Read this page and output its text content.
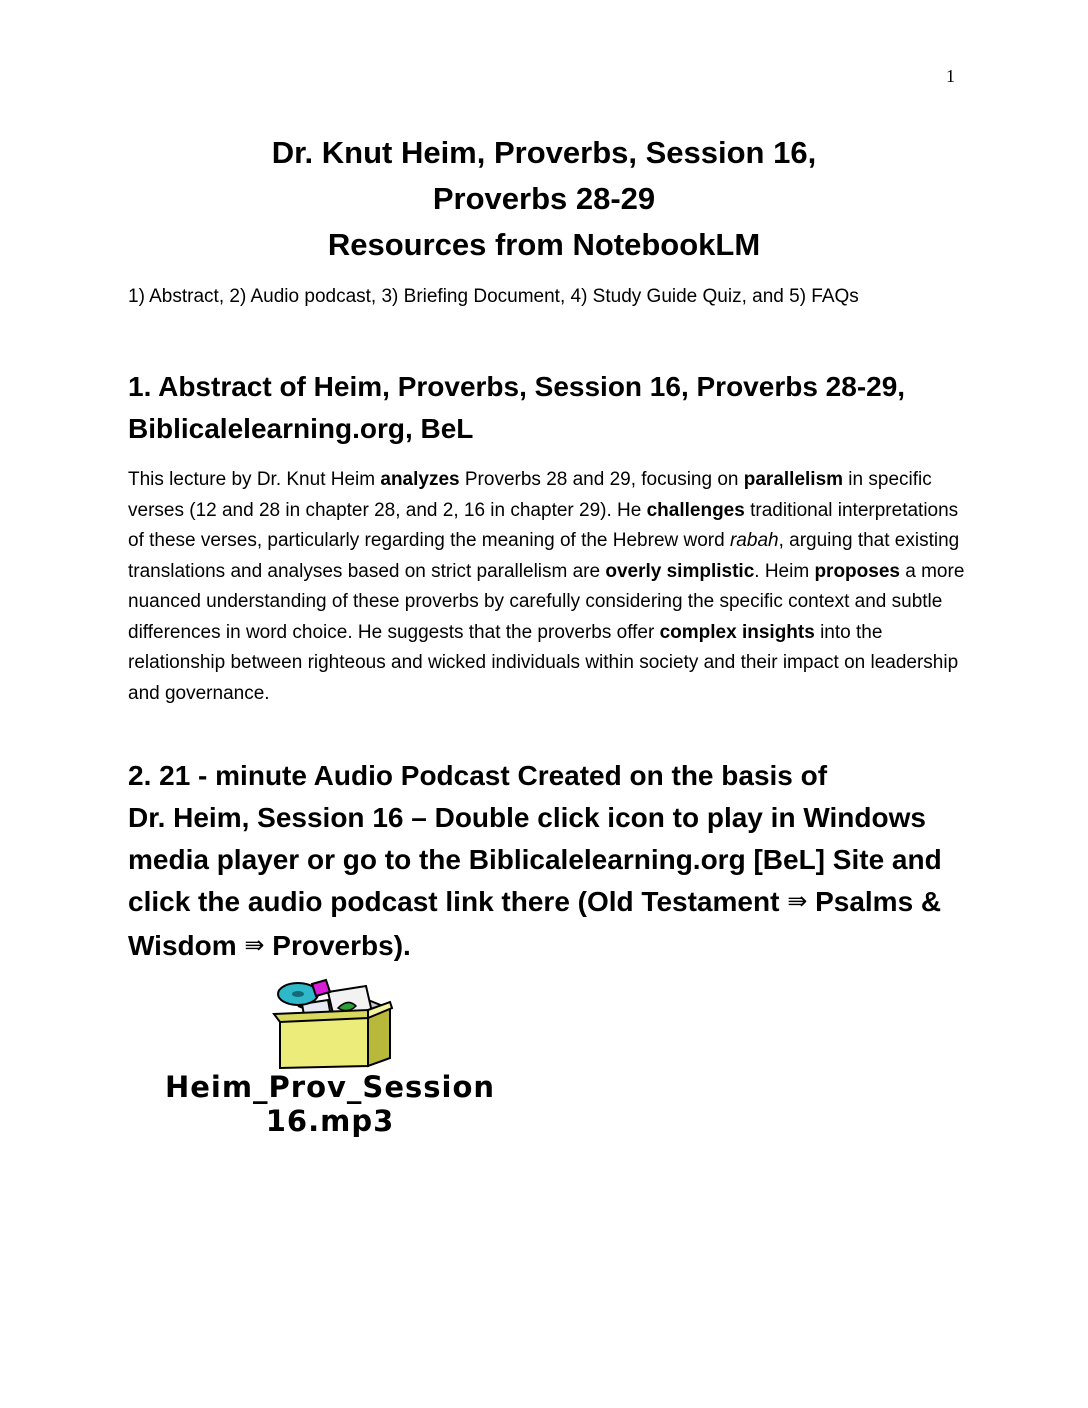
1
Dr. Knut Heim, Proverbs, Session 16,
Proverbs 28-29
Resources from NotebookLM
1) Abstract, 2) Audio podcast, 3) Briefing Document, 4) Study Guide Quiz, and 5) FAQs
1. Abstract of Heim, Proverbs, Session 16, Proverbs 28-29,
Biblicalelearning.org, BeL
This lecture by Dr. Knut Heim analyzes Proverbs 28 and 29, focusing on parallelism in specific verses (12 and 28 in chapter 28, and 2, 16 in chapter 29). He challenges traditional interpretations of these verses, particularly regarding the meaning of the Hebrew word rabah, arguing that existing translations and analyses based on strict parallelism are overly simplistic. Heim proposes a more nuanced understanding of these proverbs by carefully considering the specific context and subtle differences in word choice. He suggests that the proverbs offer complex insights into the relationship between righteous and wicked individuals within society and their impact on leadership and governance.
2. 21 - minute Audio Podcast Created on the basis of
Dr. Heim, Session 16 – Double click icon to play in Windows media player or go to the Biblicalelearning.org [BeL] Site and click the audio podcast link there (Old Testament ⇛ Psalms & Wisdom ⇛ Proverbs).
Heim_Prov_Session
16.mp3
